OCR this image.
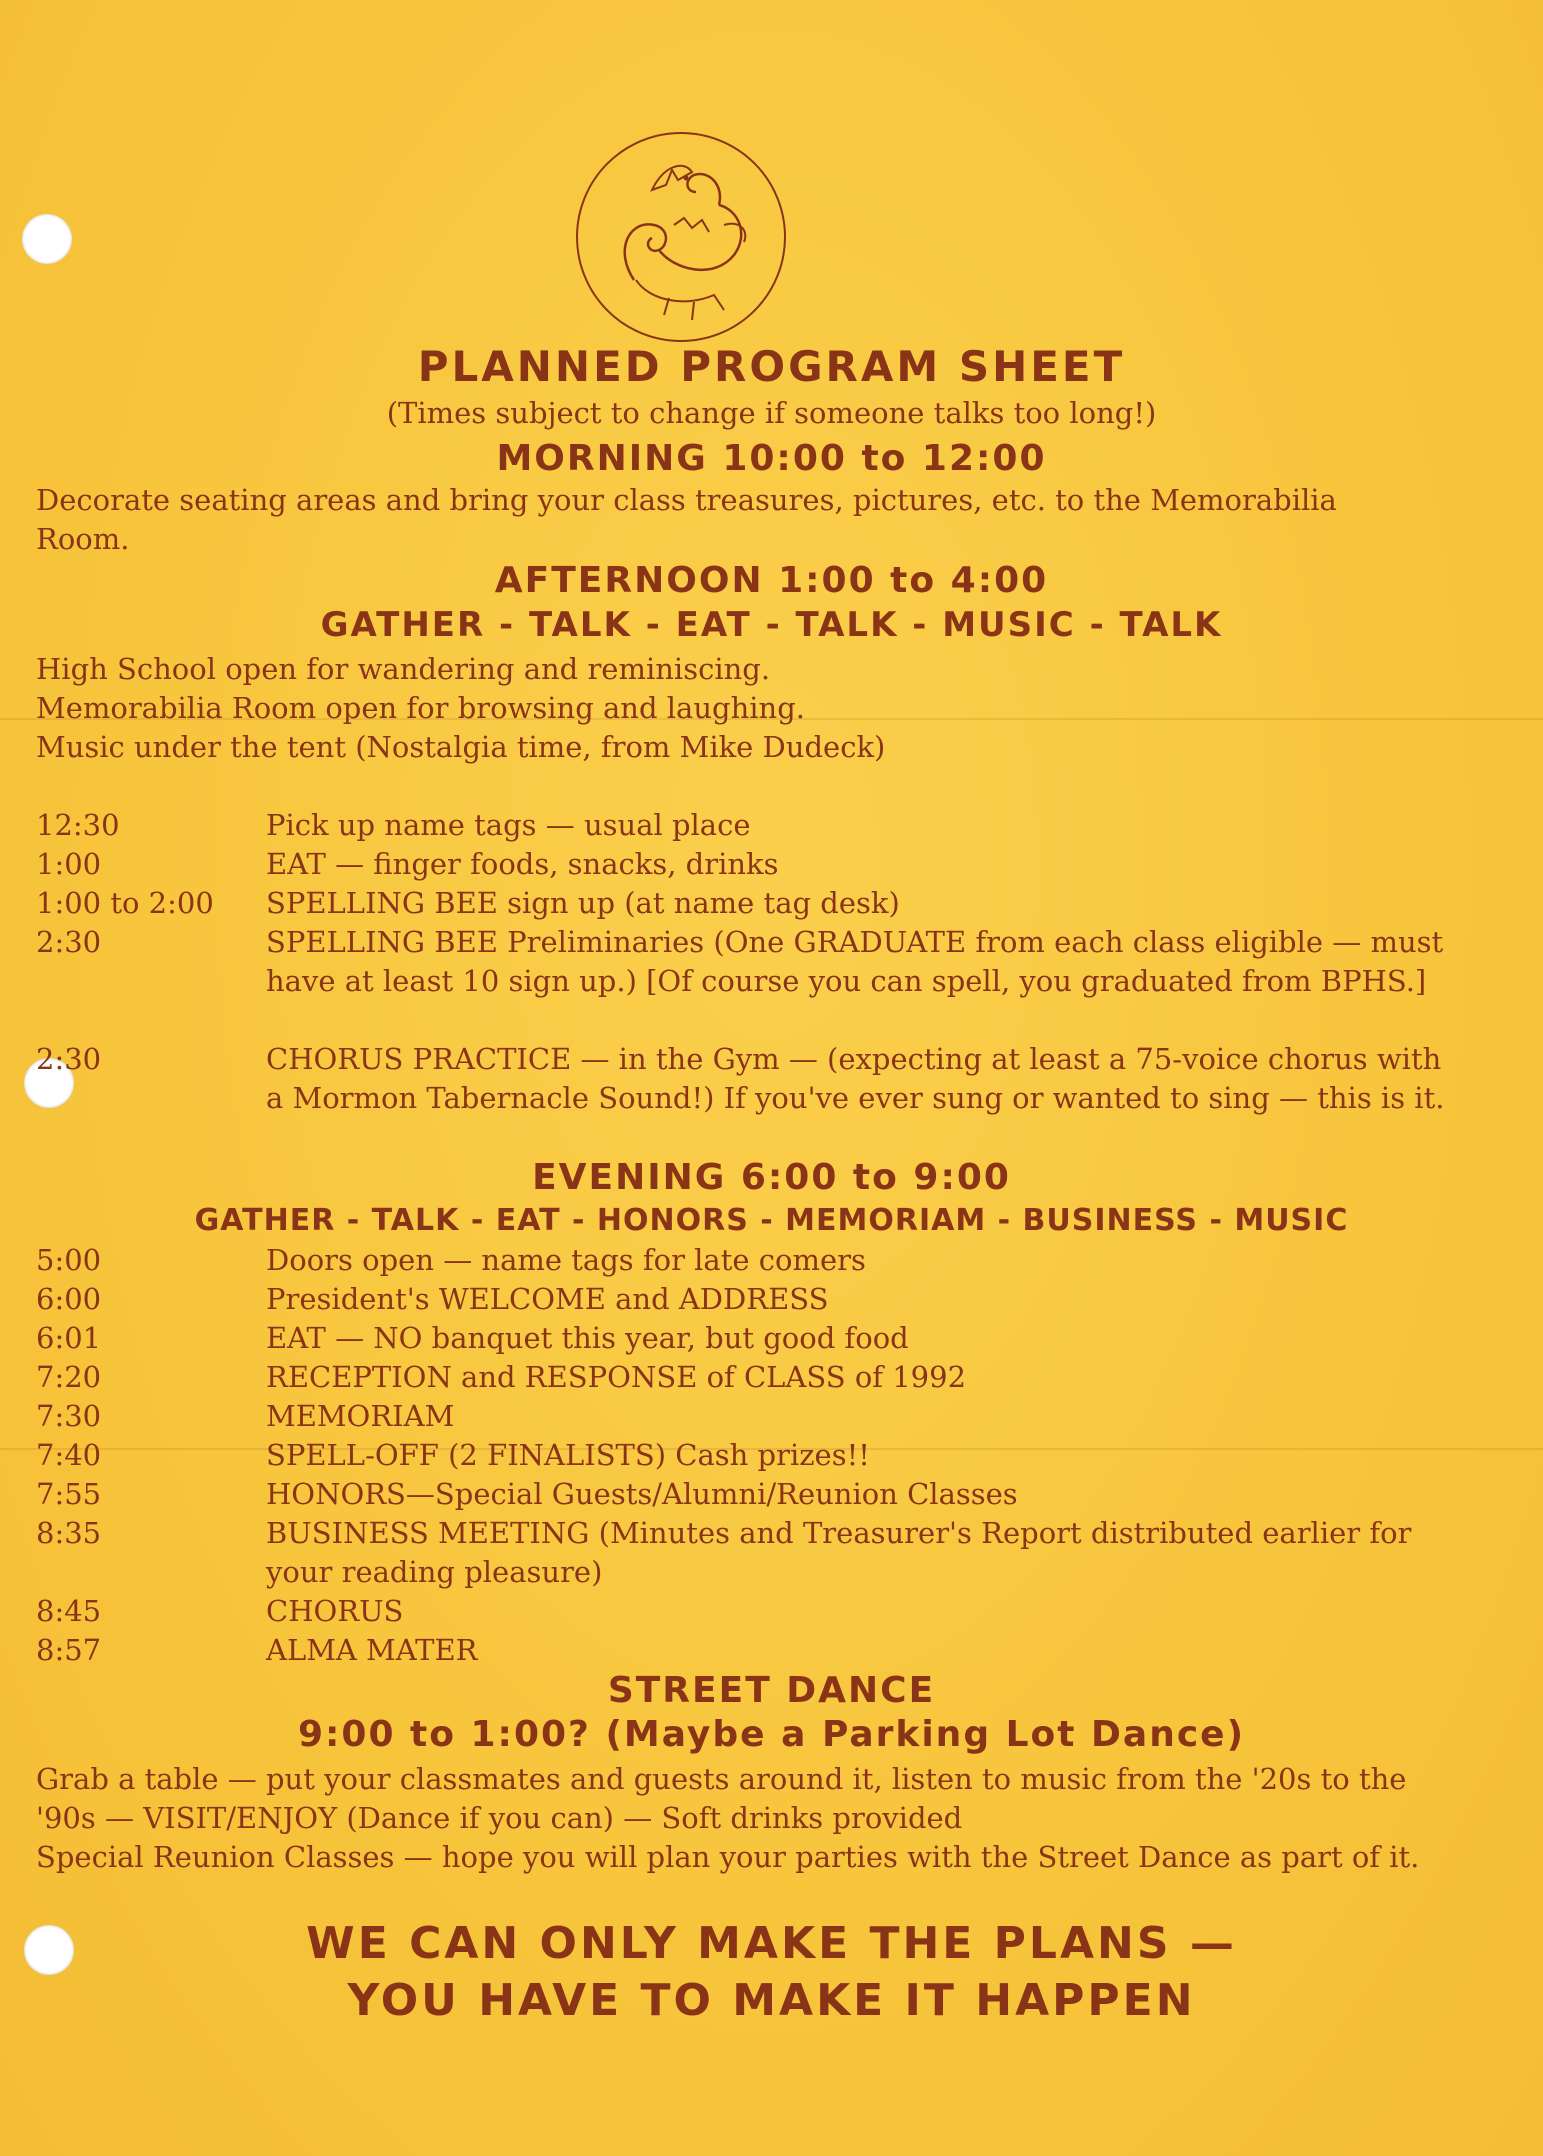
PLANNED PROGRAM SHEET
(Times subject to change if someone talks too long!)
MORNING 10:00 to 12:00
Decorate seating areas and bring your class treasures, pictures, etc. to the Memorabilia Room.
AFTERNOON 1:00 to 4:00
GATHER - TALK - EAT - TALK - MUSIC - TALK
High School open for wandering and reminiscing.
Memorabilia Room open for browsing and laughing.
Music under the tent (Nostalgia time, from Mike Dudeck)
12:30	Pick up name tags — usual place
1:00	EAT — finger foods, snacks, drinks
1:00 to 2:00	SPELLING BEE sign up (at name tag desk)
2:30	SPELLING BEE Preliminaries (One GRADUATE from each class eligible — must have at least 10 sign up.) [Of course you can spell, you graduated from BPHS.]
2:30	CHORUS PRACTICE — in the Gym — (expecting at least a 75-voice chorus with a Mormon Tabernacle Sound!) If you've ever sung or wanted to sing — this is it.
EVENING 6:00 to 9:00
GATHER - TALK - EAT - HONORS - MEMORIAM - BUSINESS - MUSIC
5:00	Doors open — name tags for late comers
6:00	President's WELCOME and ADDRESS
6:01	EAT — NO banquet this year, but good food
7:20	RECEPTION and RESPONSE of CLASS of 1992
7:30	MEMORIAM
7:40	SPELL-OFF (2 FINALISTS) Cash prizes!!
7:55	HONORS—Special Guests/Alumni/Reunion Classes
8:35	BUSINESS MEETING (Minutes and Treasurer's Report distributed earlier for your reading pleasure)
8:45	CHORUS
8:57	ALMA MATER
STREET DANCE
9:00 to 1:00? (Maybe a Parking Lot Dance)
Grab a table — put your classmates and guests around it, listen to music from the '20s to the '90s — VISIT/ENJOY (Dance if you can) — Soft drinks provided
Special Reunion Classes — hope you will plan your parties with the Street Dance as part of it.
WE CAN ONLY MAKE THE PLANS —
YOU HAVE TO MAKE IT HAPPEN
